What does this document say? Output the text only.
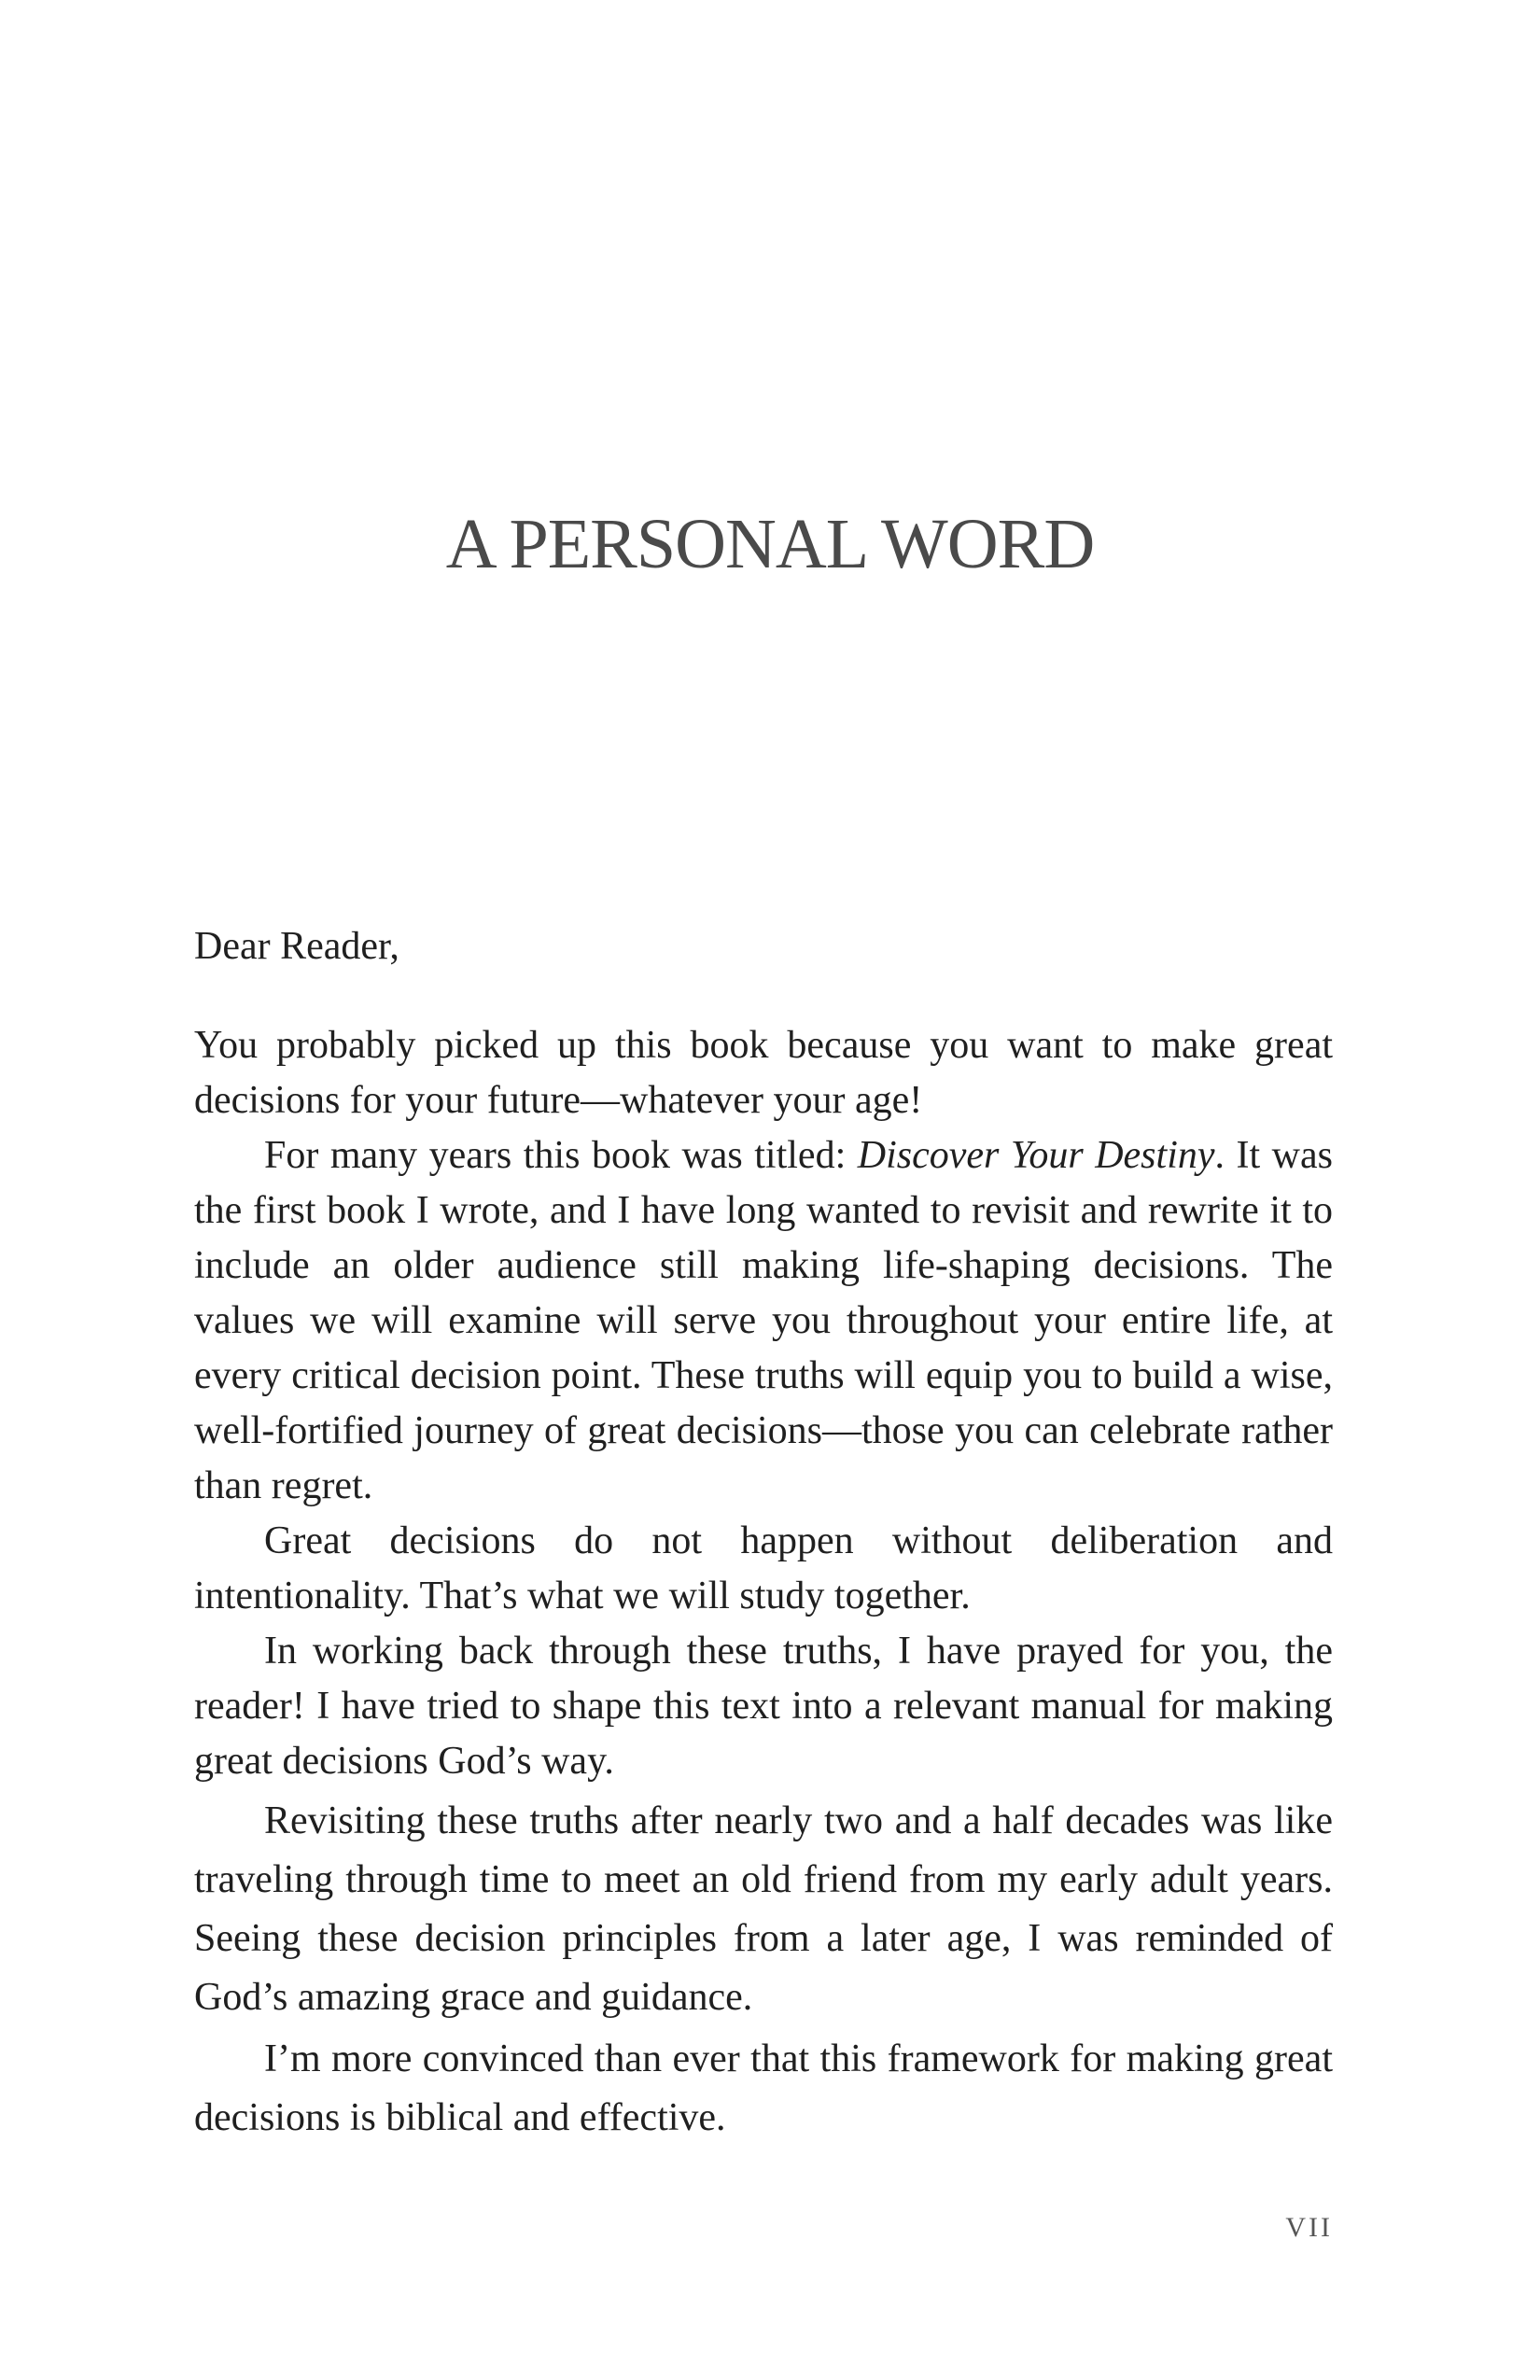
A PERSONAL WORD

Dear Reader,

You probably picked up this book because you want to make great decisions for your future—whatever your age!

For many years this book was titled: Discover Your Destiny. It was the first book I wrote, and I have long wanted to revisit and rewrite it to include an older audience still making life-shaping decisions. The values we will examine will serve you throughout your entire life, at every critical decision point. These truths will equip you to build a wise, well-fortified journey of great decisions—those you can celebrate rather than regret.

Great decisions do not happen without deliberation and intentionality. That’s what we will study together.

In working back through these truths, I have prayed for you, the reader! I have tried to shape this text into a relevant manual for making great decisions God’s way.

Revisiting these truths after nearly two and a half decades was like traveling through time to meet an old friend from my early adult years. Seeing these decision principles from a later age, I was reminded of God’s amazing grace and guidance.

I’m more convinced than ever that this framework for making great decisions is biblical and effective.

VII
